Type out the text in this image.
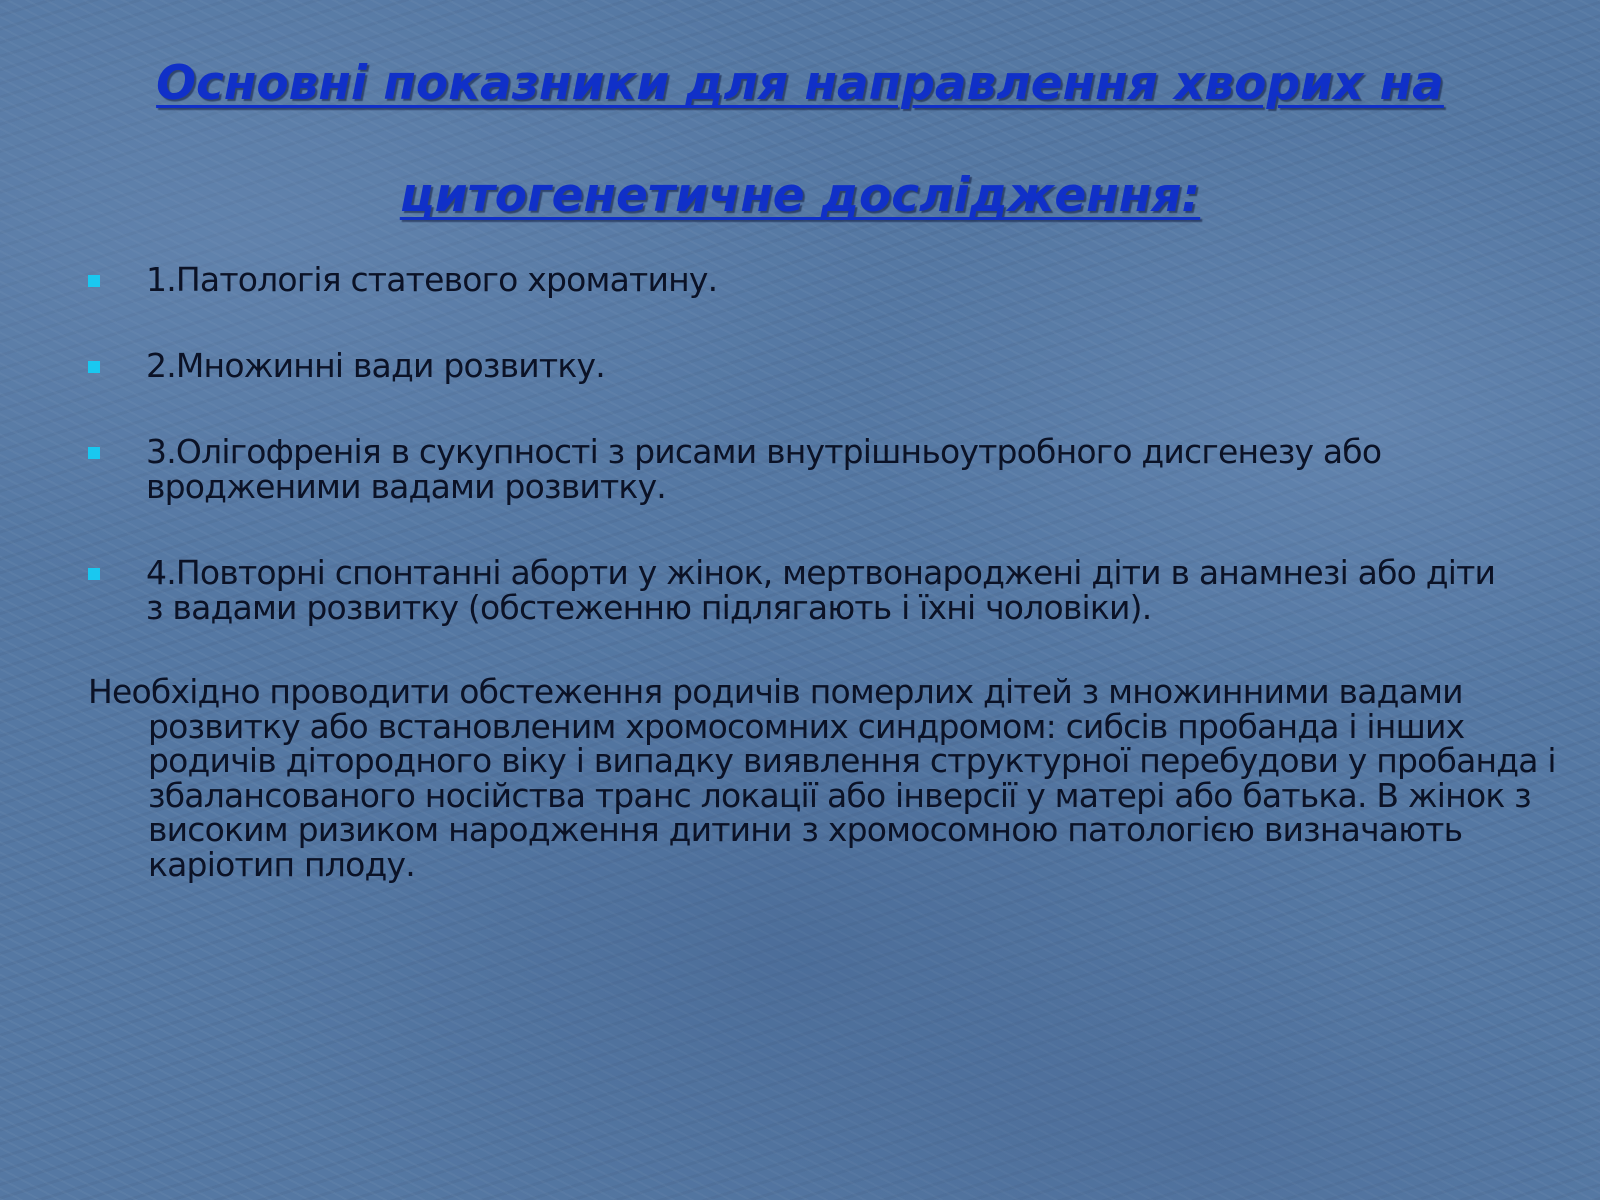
Основні показники для направлення хворих на
цитогенетичне дослідження:
1.Патологія статевого хроматину.
2.Множинні вади розвитку.
3.Олігофренія в сукупності з рисами внутрішньоутробного дисгенезу або вродженими вадами розвитку.
4.Повторні спонтанні аборти у жінок, мертвонароджені діти в анамнезі або діти з вадами розвитку (обстеженню підлягають і їхні чоловіки).

Необхідно проводити обстеження родичів померлих дітей з множинними вадами розвитку або встановленим хромосомних синдромом: сибсів пробанда і інших родичів дітородного віку і випадку виявлення структурної перебудови у пробанда і збалансованого носійства транс локації або інверсії у матері або батька. В жінок з високим ризиком народження дитини з хромосомною патологією визначають каріотип плоду.
